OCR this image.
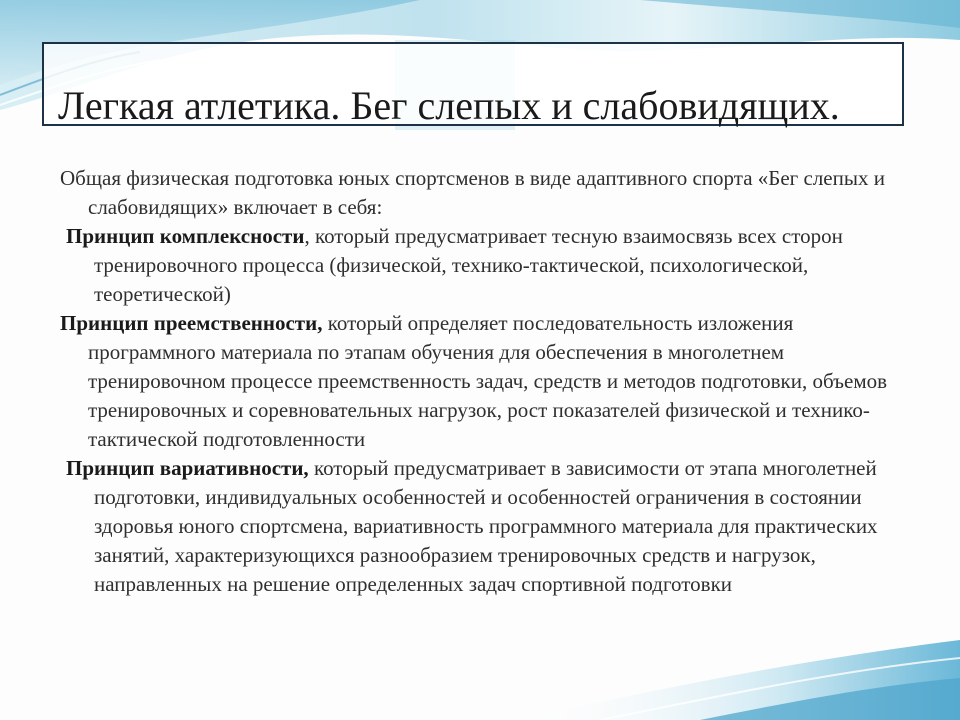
Легкая атлетика. Бег слепых и слабовидящих.

Общая физическая подготовка юных спортсменов в виде адаптивного спорта «Бег слепых и слабовидящих» включает в себя:

Принцип комплексности, который предусматривает тесную взаимосвязь всех сторон тренировочного процесса (физической, технико-тактической, психологической, теоретической)

Принцип преемственности, который определяет последовательность изложения программного материала по этапам обучения для обеспечения в многолетнем тренировочном процессе преемственность задач, средств и методов подготовки, объемов тренировочных и соревновательных нагрузок, рост показателей физической и технико-тактической подготовленности

Принцип вариативности, который предусматривает в зависимости от этапа многолетней подготовки, индивидуальных особенностей и особенностей ограничения в состоянии здоровья юного спортсмена, вариативность программного материала для практических занятий, характеризующихся разнообразием тренировочных средств и нагрузок, направленных на решение определенных задач спортивной подготовки
